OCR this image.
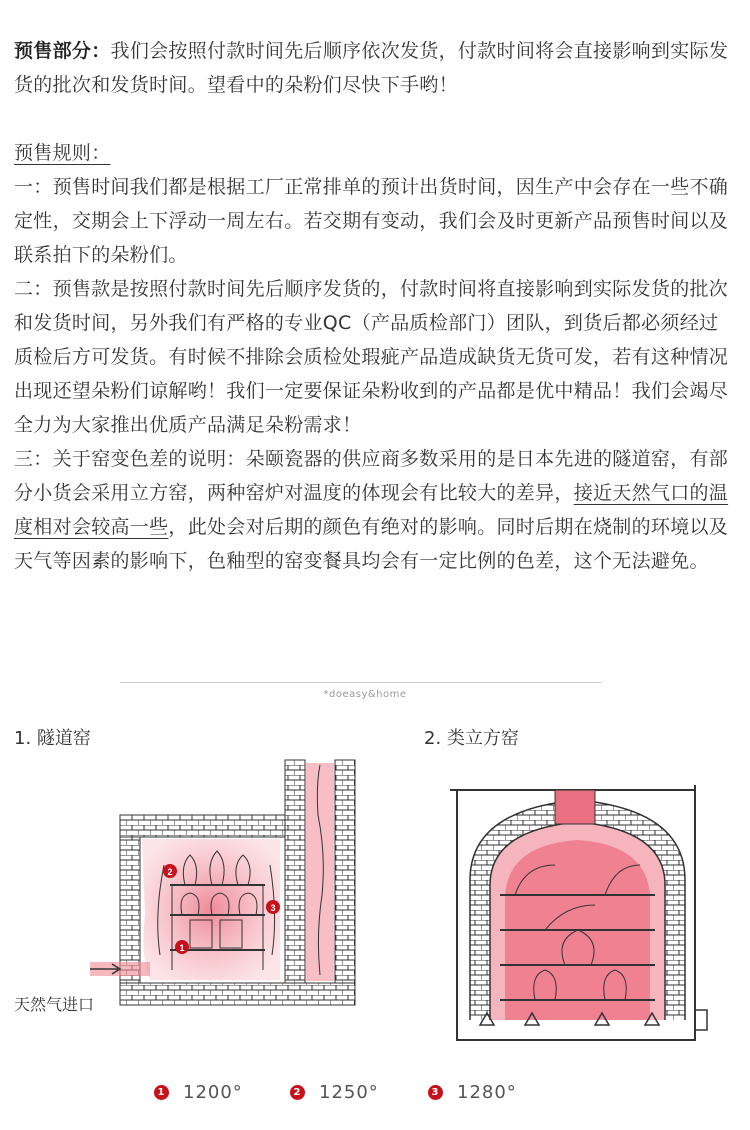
预售部分：我们会按照付款时间先后顺序依次发货，付款时间将会直接影响到实际发货的批次和发货时间。望看中的朵粉们尽快下手哟！
预售规则：
一：预售时间我们都是根据工厂正常排单的预计出货时间，因生产中会存在一些不确定性，交期会上下浮动一周左右。若交期有变动，我们会及时更新产品预售时间以及联系拍下的朵粉们。
二：预售款是按照付款时间先后顺序发货的，付款时间将直接影响到实际发货的批次和发货时间，另外我们有严格的专业QC（产品质检部门）团队，到货后都必须经过质检后方可发货。有时候不排除会质检处瑕疵产品造成缺货无货可发，若有这种情况出现还望朵粉们谅解哟！我们一定要保证朵粉收到的产品都是优中精品！我们会竭尽全力为大家推出优质产品满足朵粉需求！
三：关于窑变色差的说明：朵颐瓷器的供应商多数采用的是日本先进的隧道窑，有部分小货会采用立方窑，两种窑炉对温度的体现会有比较大的差异，接近天然气口的温度相对会较高一些，此处会对后期的颜色有绝对的影响。同时后期在烧制的环境以及天气等因素的影响下，色釉型的窑变餐具均会有一定比例的色差，这个无法避免。
*doeasy&home
1. 隧道窑	2. 类立方窑
1
2
3
天然气进口
1 1200°	2 1250°	3 1280°
